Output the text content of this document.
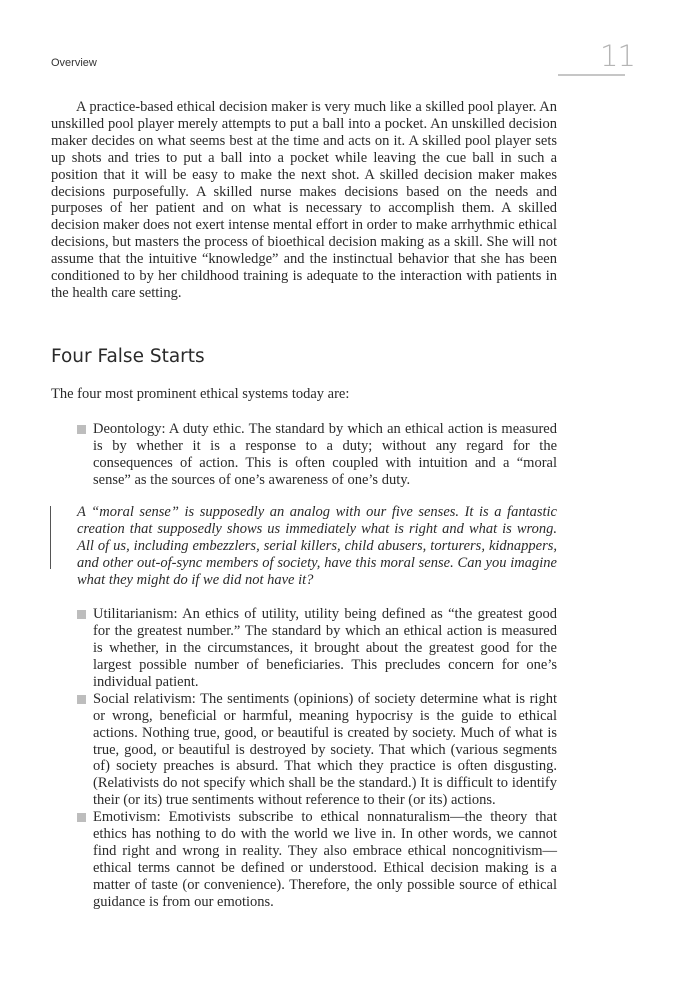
Overview	11

A practice-based ethical decision maker is very much like a skilled pool player. An unskilled pool player merely attempts to put a ball into a pocket. An unskilled decision maker decides on what seems best at the time and acts on it. A skilled pool player sets up shots and tries to put a ball into a pocket while leaving the cue ball in such a position that it will be easy to make the next shot. A skilled decision maker makes decisions purposefully. A skilled nurse makes decisions based on the needs and purposes of her patient and on what is necessary to accomplish them. A skilled decision maker does not exert intense mental effort in order to make arrhythmic ethical decisions, but masters the process of bioethical decision making as a skill. She will not assume that the intuitive “knowledge” and the instinctual behavior that she has been conditioned to by her childhood training is adequate to the interaction with patients in the health care setting.

Four False Starts

The four most prominent ethical systems today are:

Deontology: A duty ethic. The standard by which an ethical action is measured is by whether it is a response to a duty; without any regard for the consequences of action. This is often coupled with intuition and a “moral sense” as the sources of one’s awareness of one’s duty.

A “moral sense” is supposedly an analog with our five senses. It is a fantastic creation that supposedly shows us immediately what is right and what is wrong. All of us, including embezzlers, serial killers, child abusers, torturers, kidnappers, and other out-of-sync members of society, have this moral sense. Can you imagine what they might do if we did not have it?

Utilitarianism: An ethics of utility, utility being defined as “the greatest good for the greatest number.” The standard by which an ethical action is measured is whether, in the circumstances, it brought about the greatest good for the largest possible number of beneficiaries. This precludes concern for one’s individual patient.
Social relativism: The sentiments (opinions) of society determine what is right or wrong, beneficial or harmful, meaning hypocrisy is the guide to ethical actions. Nothing true, good, or beautiful is created by society. Much of what is true, good, or beautiful is destroyed by society. That which (various segments of) society preaches is absurd. That which they practice is often disgusting. (Relativists do not specify which shall be the standard.) It is difficult to identify their (or its) true sentiments without reference to their (or its) actions.
Emotivism: Emotivists subscribe to ethical nonnaturalism—the theory that ethics has nothing to do with the world we live in. In other words, we cannot find right and wrong in reality. They also embrace ethical noncognitivism—ethical terms cannot be defined or understood. Ethical decision making is a matter of taste (or convenience). Therefore, the only possible source of ethical guidance is from our emotions.
